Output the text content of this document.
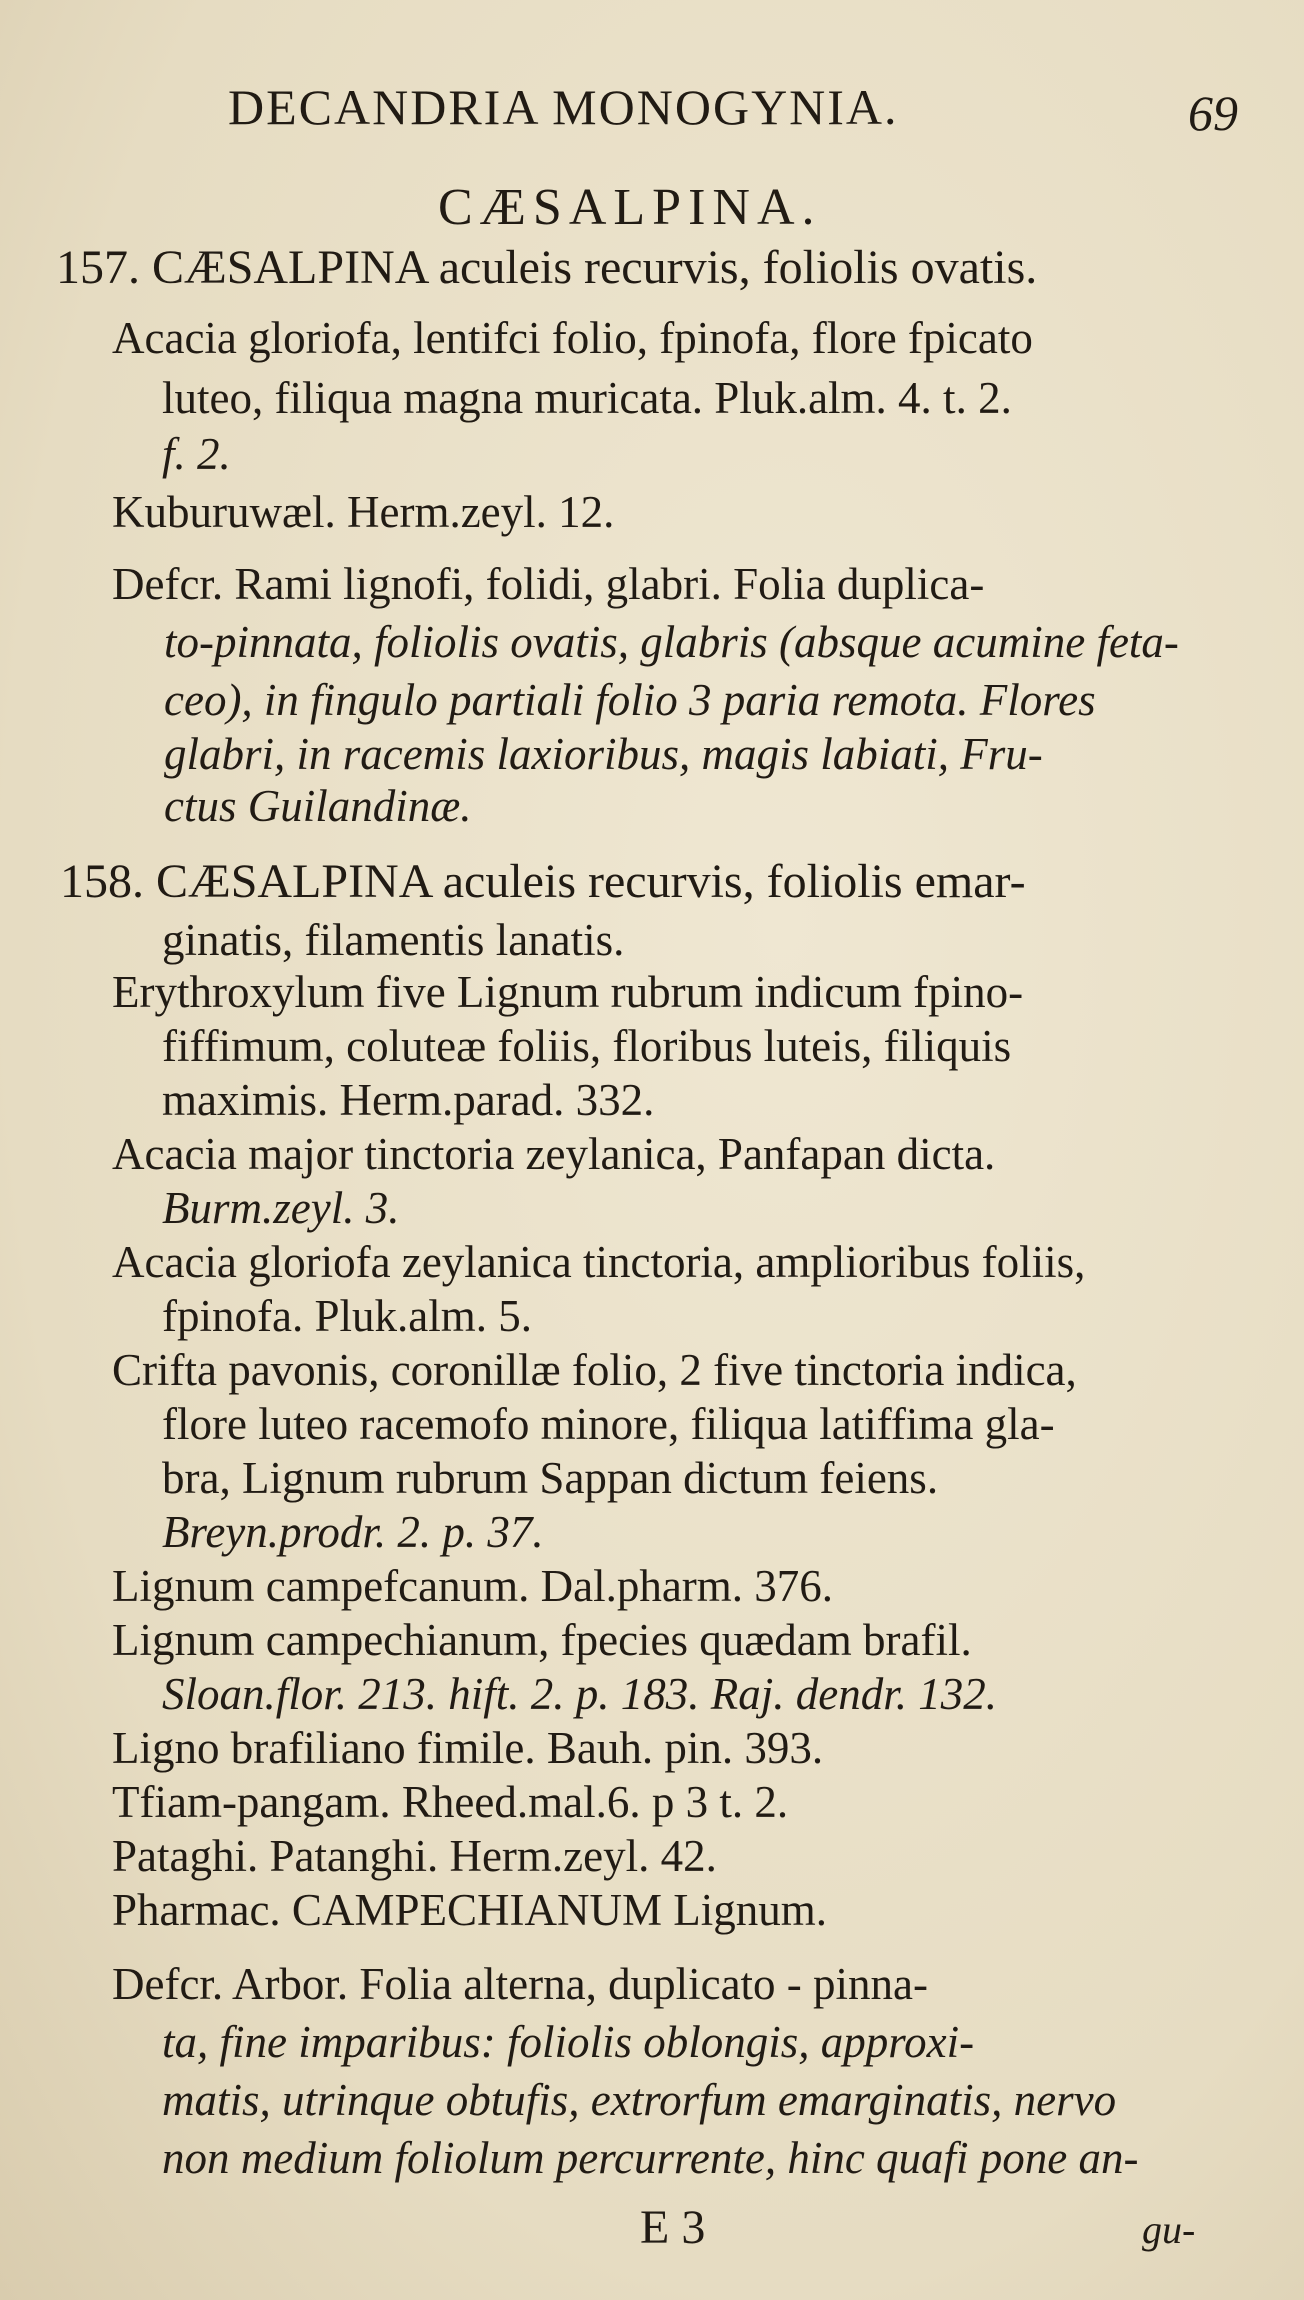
DECANDRIA MONOGYNIA.	69
CÆSALPINA.
157. CÆSALPINA aculeis recurvis, foliolis ovatis.
Acacia gloriofa, lentifci folio, fpinofa, flore fpicato
luteo, filiqua magna muricata. Pluk.alm. 4. t. 2.
f. 2.
Kuburuwæl. Herm.zeyl. 12.
Defcr. Rami lignofi, folidi, glabri. Folia duplica-
to-pinnata, foliolis ovatis, glabris (absque acumine feta-
ceo), in fingulo partiali folio 3 paria remota. Flores
glabri, in racemis laxioribus, magis labiati, Fru-
ctus Guilandinæ.
158. CÆSALPINA aculeis recurvis, foliolis emar-
ginatis, filamentis lanatis.
Erythroxylum five Lignum rubrum indicum fpino-
fiffimum, coluteæ foliis, floribus luteis, filiquis
maximis. Herm.parad. 332.
Acacia major tinctoria zeylanica, Panfapan dicta.
Burm.zeyl. 3.
Acacia gloriofa zeylanica tinctoria, amplioribus foliis,
fpinofa. Pluk.alm. 5.
Crifta pavonis, coronillæ folio, 2 five tinctoria indica,
flore luteo racemofo minore, filiqua latiffima gla-
bra, Lignum rubrum Sappan dictum feiens.
Breyn.prodr. 2. p. 37.
Lignum campefcanum. Dal.pharm. 376.
Lignum campechianum, fpecies quædam brafil.
Sloan.flor. 213. hift. 2. p. 183. Raj. dendr. 132.
Ligno brafiliano fimile. Bauh. pin. 393.
Tfiam-pangam. Rheed.mal.6. p 3 t. 2.
Pataghi. Patanghi. Herm.zeyl. 42.
Pharmac. CAMPECHIANUM Lignum.
Defcr. Arbor. Folia alterna, duplicato - pinna-
ta, fine imparibus: foliolis oblongis, approxi-
matis, utrinque obtufis, extrorfum emarginatis, nervo
non medium foliolum percurrente, hinc quafi pone an-
E 3	gu-
